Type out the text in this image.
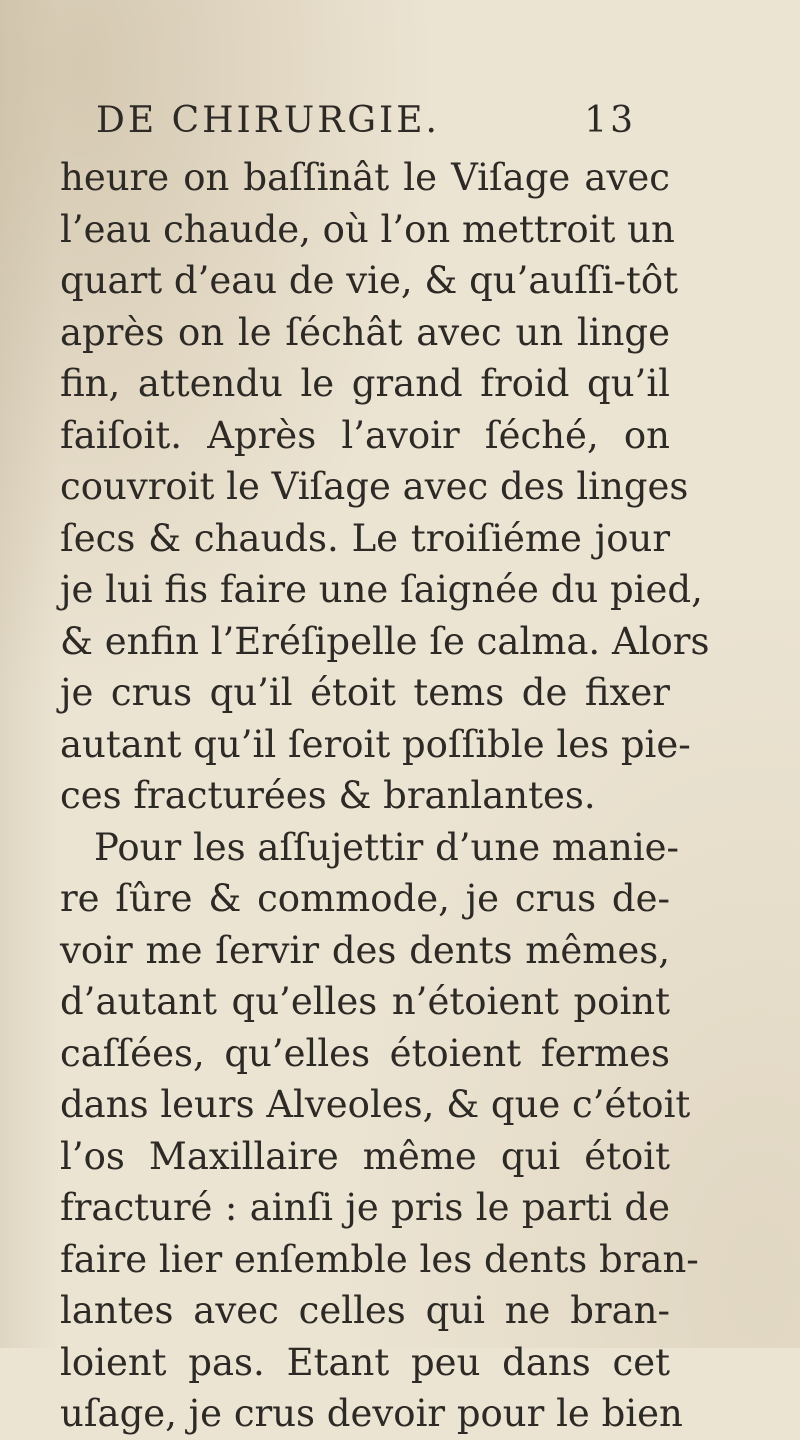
DE CHIRURGIE.	13
heure on baſſinât le Viſage avec
l’eau chaude, où l’on mettroit un
quart d’eau de vie, & qu’auſſi-tôt
après on le ſéchât avec un linge
fin, attendu le grand froid qu’il
faiſoit. Après l’avoir ſéché, on
couvroit le Viſage avec des linges
ſecs & chauds. Le troiſiéme jour
je lui fis faire une ſaignée du pied,
& enfin l’Eréſipelle ſe calma. Alors
je crus qu’il étoit tems de fixer
autant qu’il ſeroit poſſible les pie-
ces fracturées & branlantes.
Pour les aſſujettir d’une manie-
re ſûre & commode, je crus de-
voir me ſervir des dents mêmes,
d’autant qu’elles n’étoient point
caſſées, qu’elles étoient fermes
dans leurs Alveoles, & que c’étoit
l’os Maxillaire même qui étoit
fracturé : ainſi je pris le parti de
faire lier enſemble les dents bran-
lantes avec celles qui ne bran-
loient pas. Etant peu dans cet
uſage, je crus devoir pour le bien
